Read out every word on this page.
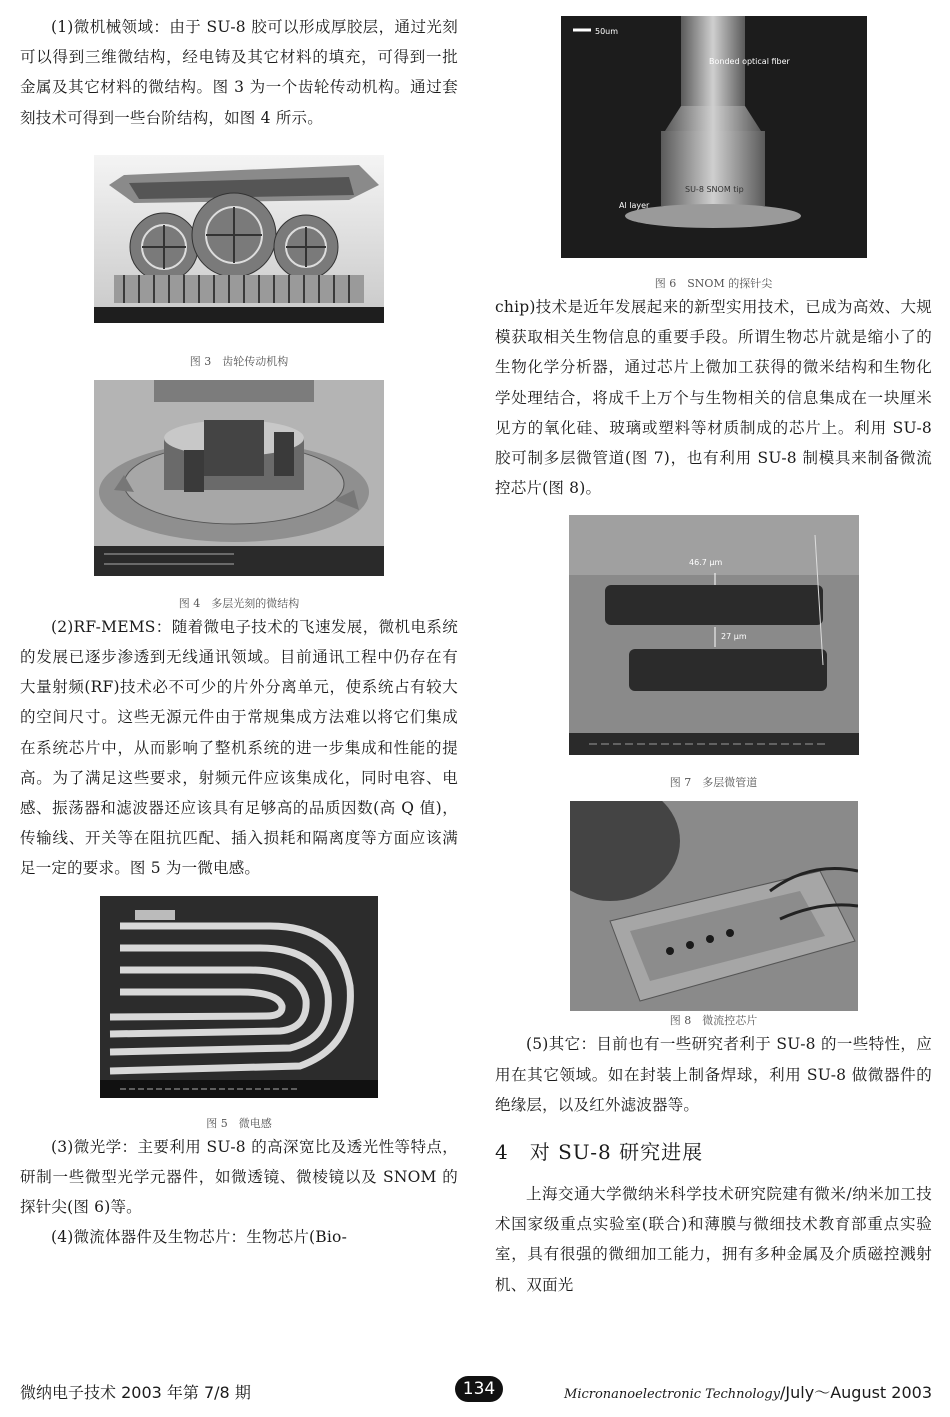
(1)微机械领域：由于 SU-8 胶可以形成厚胶层，通过光刻可以得到三维微结构，经电铸及其它材料的填充，可得到一批金属及其它材料的微结构。图 3 为一个齿轮传动机构。通过套刻技术可得到一些台阶结构，如图 4 所示。

图 3　齿轮传动机构
图 4　多层光刻的微结构

(2)RF-MEMS：随着微电子技术的飞速发展，微机电系统的发展已逐步渗透到无线通讯领域。目前通讯工程中仍存在有大量射频(RF)技术必不可少的片外分离单元，使系统占有较大的空间尺寸。这些无源元件由于常规集成方法难以将它们集成在系统芯片中，从而影响了整机系统的进一步集成和性能的提高。为了满足这些要求，射频元件应该集成化，同时电容、电感、振荡器和滤波器还应该具有足够高的品质因数(高 Q 值)，传输线、开关等在阻抗匹配、插入损耗和隔离度等方面应该满足一定的要求。图 5 为一微电感。

图 5　微电感

(3)微光学：主要利用 SU-8 的高深宽比及透光性等特点，研制一些微型光学元器件，如微透镜、微棱镜以及 SNOM 的探针尖(图 6)等。

(4)微流体器件及生物芯片：生物芯片(Bio-

50um
Bonded optical fiber
SU-8 SNOM tip
Al layer
图 6　SNOM 的探针尖

chip)技术是近年发展起来的新型实用技术，已成为高效、大规模获取相关生物信息的重要手段。所谓生物芯片就是缩小了的生物化学分析器，通过芯片上微加工获得的微米结构和生物化学处理结合，将成千上万个与生物相关的信息集成在一块厘米见方的氧化硅、玻璃或塑料等材质制成的芯片上。利用 SU-8 胶可制多层微管道(图 7)，也有利用 SU-8 制模具来制备微流控芯片(图 8)。

46.7 μm
27 μm
图 7　多层微管道
图 8　微流控芯片

(5)其它：目前也有一些研究者利于 SU-8 的一些特性，应用在其它领域。如在封装上制备焊球，利用 SU-8 做微器件的绝缘层，以及红外滤波器等。

4　对 SU-8 研究进展

上海交通大学微纳米科学技术研究院建有微米/纳米加工技术国家级重点实验室(联合)和薄膜与微细技术教育部重点实验室，具有很强的微细加工能力，拥有多种金属及介质磁控溅射机、双面光

微纳电子技术 2003 年第 7/8 期	134	Micronanoelectronic Technology/July～August 2003
